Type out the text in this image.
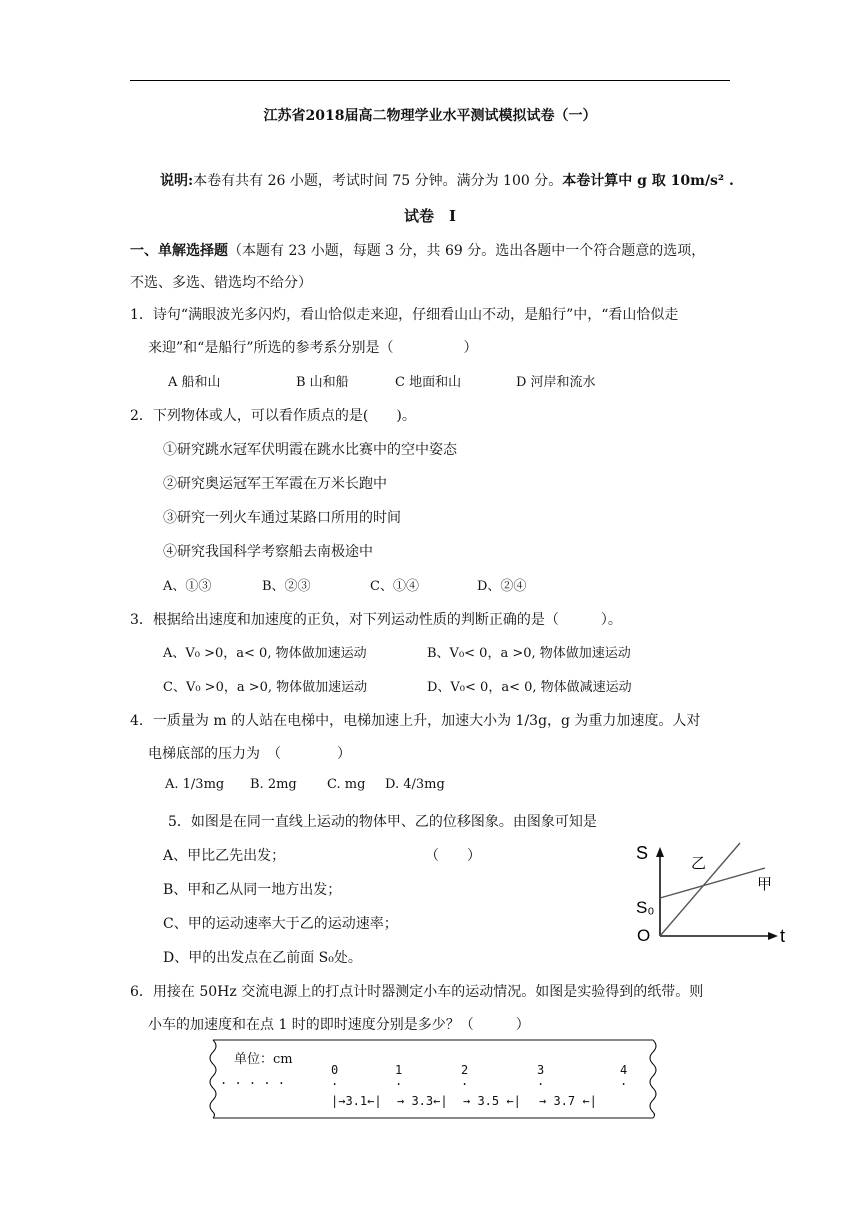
江苏省2018届高二物理学业水平测试模拟试卷（一）
说明:本卷有共有 26 小题，考试时间 75 分钟。满分为 100 分。本卷计算中 g 取 10m/s² .
试卷　I
一、单解选择题（本题有 23 小题，每题 3 分，共 69 分。选出各题中一个符合题意的选项，
不选、多选、错选均不给分）
1．诗句“满眼波光多闪灼，看山恰似走来迎，仔细看山山不动，是船行”中，“看山恰似走
来迎”和“是船行”所选的参考系分别是（　　　　　）
A 船和山	B 山和船	C 地面和山	D 河岸和流水
2．下列物体或人，可以看作质点的是(　　)。
①研究跳水冠军伏明霞在跳水比赛中的空中姿态
②研究奥运冠军王军霞在万米长跑中
③研究一列火车通过某路口所用的时间
④研究我国科学考察船去南极途中
A、①③	B、②③	C、①④	D、②④
3．根据给出速度和加速度的正负，对下列运动性质的判断正确的是（　　　）。
A、V₀ >0，a< 0, 物体做加速运动	B、V₀< 0，a >0, 物体做加速运动
C、V₀ >0，a >0, 物体做加速运动	D、V₀< 0，a< 0, 物体做减速运动
4．一质量为 m 的人站在电梯中，电梯加速上升，加速大小为 1/3g，g 为重力加速度。人对
电梯底部的压力为　（　　　　）
A. 1/3mg B. 2mg C. mg D. 4/3mg
5．如图是在同一直线上运动的物体甲、乙的位移图象。由图象可知是
A、甲比乙先出发；	（　　）
B、甲和乙从同一地方出发；
C、甲的运动速率大于乙的运动速率；
D、甲的出发点在乙前面 S₀处。
S
t
O
S₀
乙
甲
6．用接在 50Hz 交流电源上的打点计时器测定小车的运动情况。如图是实验得到的纸带。则
小车的加速度和在点 1 时的即时速度分别是多少？（　　　）
单位：cm
0	1	2	3	4
. . . . .	.	.	.	.	.
|→3.1←| → 3.3←| → 3.5 ←| → 3.7 ←|
